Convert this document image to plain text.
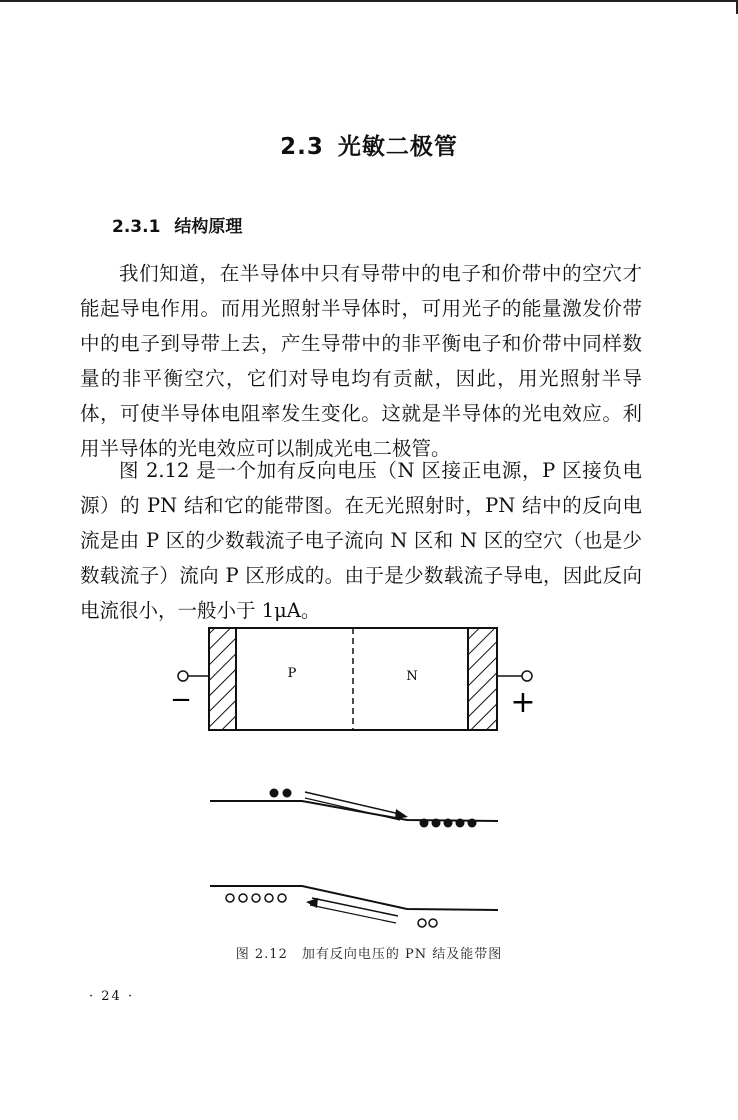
2.3 光敏二极管
2.3.1 结构原理

我们知道，在半导体中只有导带中的电子和价带中的空穴才能起导电作用。而用光照射半导体时，可用光子的能量激发价带中的电子到导带上去，产生导带中的非平衡电子和价带中同样数量的非平衡空穴，它们对导电均有贡献，因此，用光照射半导体，可使半导体电阻率发生变化。这就是半导体的光电效应。利用半导体的光电效应可以制成光电二极管。

图 2.12 是一个加有反向电压（N 区接正电源，P 区接负电源）的 PN 结和它的能带图。在无光照射时，PN 结中的反向电流是由 P 区的少数载流子电子流向 N 区和 N 区的空穴（也是少数载流子）流向 P 区形成的。由于是少数载流子导电，因此反向电流很小，一般小于 1μA。

P	N
−	+
图 2.12　加有反向电压的 PN 结及能带图
· 24 ·
